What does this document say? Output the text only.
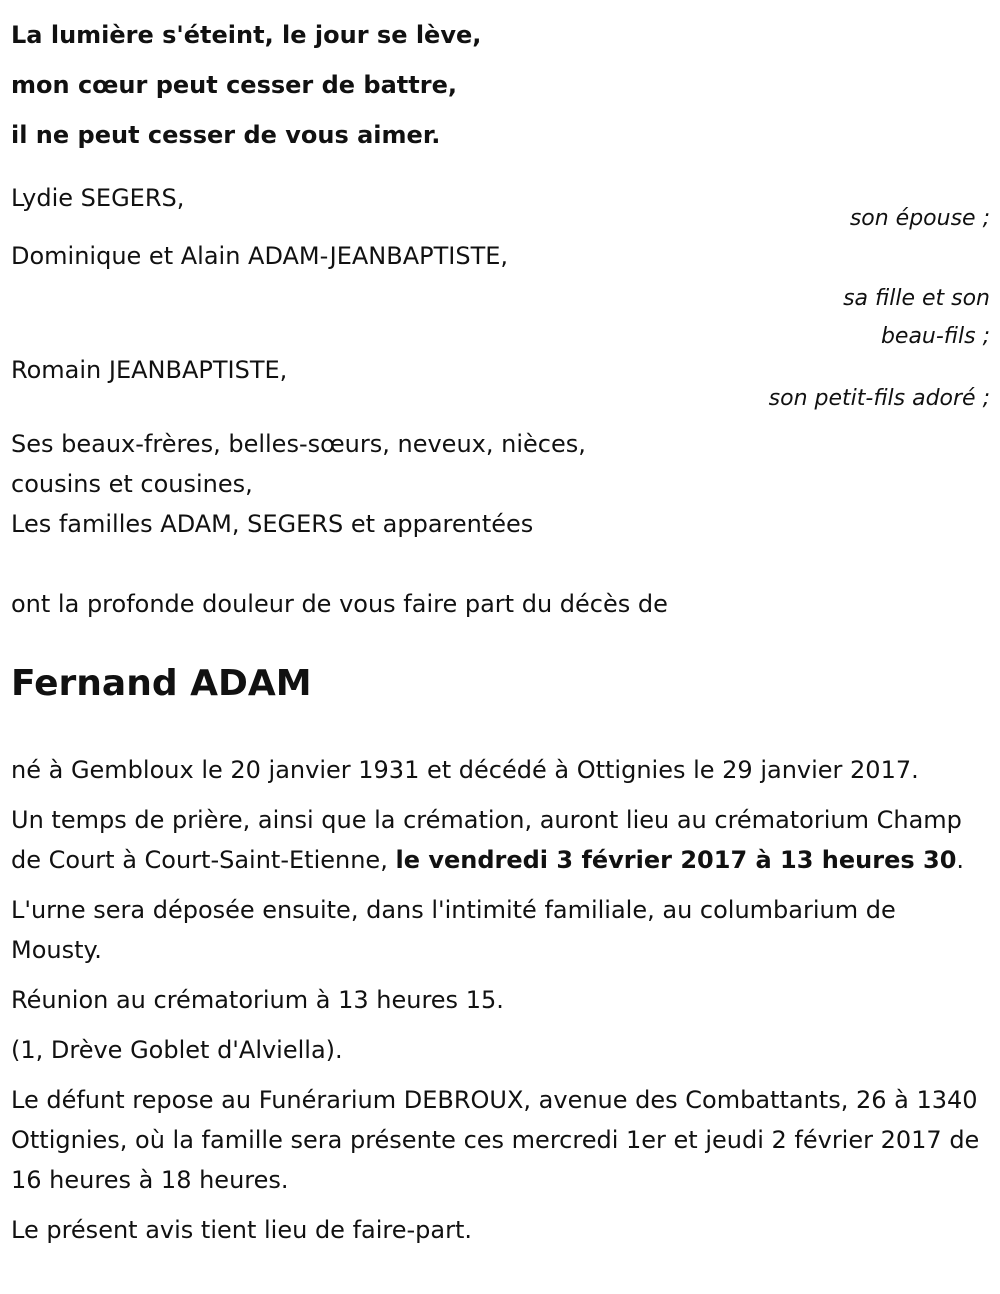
La lumière s'éteint, le jour se lève,
mon cœur peut cesser de battre,
il ne peut cesser de vous aimer.
Lydie SEGERS,
son épouse ;
Dominique et Alain ADAM-JEANBAPTISTE,
sa fille et son
beau-fils ;
Romain JEANBAPTISTE,
son petit-fils adoré ;
Ses beaux-frères, belles-sœurs, neveux, nièces,
cousins et cousines,
Les familles ADAM, SEGERS et apparentées
ont la profonde douleur de vous faire part du décès de
Fernand ADAM

né à Gembloux le 20 janvier 1931 et décédé à Ottignies le 29 janvier 2017.

Un temps de prière, ainsi que la crémation, auront lieu au crématorium Champ de Court à Court-Saint-Etienne, le vendredi 3 février 2017 à 13 heures 30.

L'urne sera déposée ensuite, dans l'intimité familiale, au columbarium de Mousty.

Réunion au crématorium à 13 heures 15.

(1, Drève Goblet d'Alviella).

Le défunt repose au Funérarium DEBROUX, avenue des Combattants, 26 à 1340 Ottignies, où la famille sera présente ces mercredi 1er et jeudi 2 février 2017 de 16 heures à 18 heures.

Le présent avis tient lieu de faire-part.
